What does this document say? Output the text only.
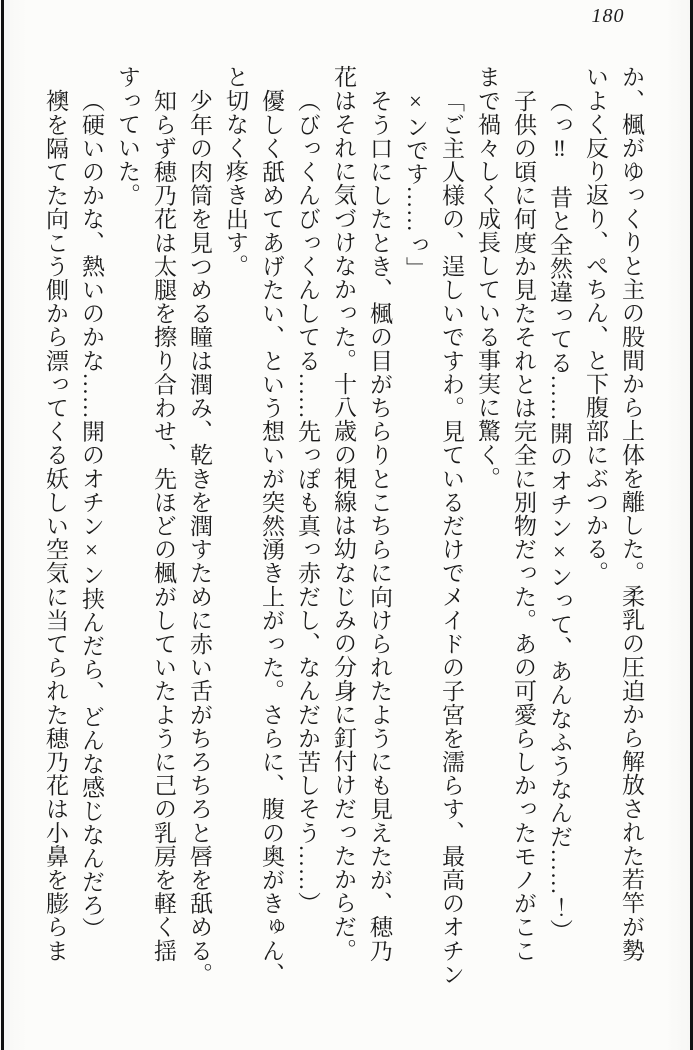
180

か、楓がゆっくりと主の股間から上体を離した。柔乳の圧迫から解放された若竿が勢

いよく反り返り、ぺちん、と下腹部にぶつかる。

（っ‼　昔と全然違ってる……開のオチン×ンって、あんなふうなんだ……！）

子供の頃に何度か見たそれとは完全に別物だった。あの可愛らしかったモノがここ

まで禍々しく成長している事実に驚く。

「ご主人様の、逞しいですわ。見ているだけでメイドの子宮を濡らす、最高のオチン

×ンです……っ」

そう口にしたとき、楓の目がちらりとこちらに向けられたようにも見えたが、穂乃

花はそれに気づけなかった。十八歳の視線は幼なじみの分身に釘付けだったからだ。

（びっくんびっくんしてる……先っぽも真っ赤だし、なんだか苦しそう……）

優しく舐めてあげたい、という想いが突然湧き上がった。さらに、腹の奥がきゅん、

と切なく疼き出す。

少年の肉筒を見つめる瞳は潤み、乾きを潤すために赤い舌がちろちろと唇を舐める。

知らず穂乃花は太腿を擦り合わせ、先ほどの楓がしていたように己の乳房を軽く揺

すっていた。

（硬いのかな、熱いのかな……開のオチン×ン挟んだら、どんな感じなんだろ）

襖を隔てた向こう側から漂ってくる妖しい空気に当てられた穂乃花は小鼻を膨らま
